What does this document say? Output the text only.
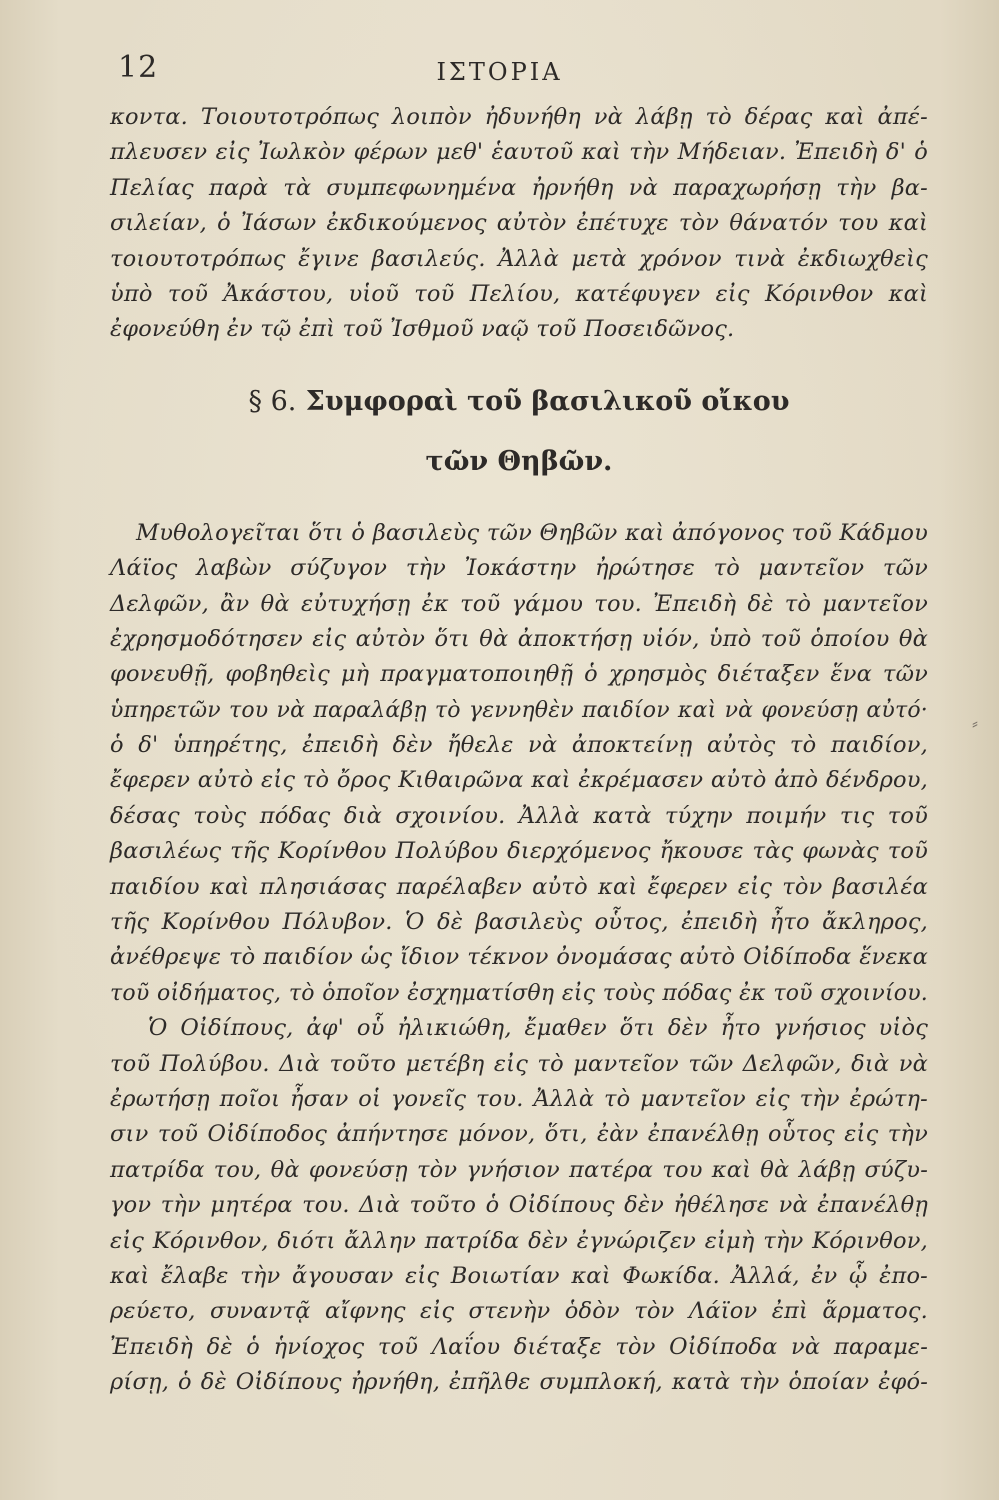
12	ΙΣΤΟΡΙΑ
κοντα. Τοιουτοτρόπως λοιπὸν ἠδυνήθη νὰ λάβῃ τὸ δέρας καὶ ἀπέ-
πλευσεν εἰς Ἰωλκὸν φέρων μεθ' ἑαυτοῦ καὶ τὴν Μήδειαν. Ἐπειδὴ δ' ὁ
Πελίας παρὰ τὰ συμπεφωνημένα ἠρνήθη νὰ παραχωρήσῃ τὴν βα-
σιλείαν, ὁ Ἰάσων ἐκδικούμενος αὐτὸν ἐπέτυχε τὸν θάνατόν του καὶ
τοιουτοτρόπως ἔγινε βασιλεύς. Ἀλλὰ μετὰ χρόνον τινὰ ἐκδιωχθεὶς
ὑπὸ τοῦ Ἀκάστου, υἱοῦ τοῦ Πελίου, κατέφυγεν εἰς Κόρινθον καὶ
ἐφονεύθη ἐν τῷ ἐπὶ τοῦ Ἰσθμοῦ ναῷ τοῦ Ποσειδῶνος.
§ 6. Συμφοραὶ τοῦ βασιλικοῦ οἴκου
τῶν Θηβῶν.
Μυθολογεῖται ὅτι ὁ βασιλεὺς τῶν Θηβῶν καὶ ἀπόγονος τοῦ Κάδμου
Λάϊος λαβὼν σύζυγον τὴν Ἰοκάστην ἠρώτησε τὸ μαντεῖον τῶν
Δελφῶν, ἂν θὰ εὐτυχήσῃ ἐκ τοῦ γάμου του. Ἐπειδὴ δὲ τὸ μαντεῖον
ἐχρησμοδότησεν εἰς αὐτὸν ὅτι θὰ ἀποκτήσῃ υἱόν, ὑπὸ τοῦ ὁποίου θὰ
φονευθῇ, φοβηθεὶς μὴ πραγματοποιηθῇ ὁ χρησμὸς διέταξεν ἕνα τῶν
ὑπηρετῶν του νὰ παραλάβῃ τὸ γεννηθὲν παιδίον καὶ νὰ φονεύσῃ αὐτό·
ὁ δ' ὑπηρέτης, ἐπειδὴ δὲν ἤθελε νὰ ἀποκτείνῃ αὐτὸς τὸ παιδίον,
ἔφερεν αὐτὸ εἰς τὸ ὄρος Κιθαιρῶνα καὶ ἐκρέμασεν αὐτὸ ἀπὸ δένδρου,
δέσας τοὺς πόδας διὰ σχοινίου. Ἀλλὰ κατὰ τύχην ποιμήν τις τοῦ
βασιλέως τῆς Κορίνθου Πολύβου διερχόμενος ἤκουσε τὰς φωνὰς τοῦ
παιδίου καὶ πλησιάσας παρέλαβεν αὐτὸ καὶ ἔφερεν εἰς τὸν βασιλέα
τῆς Κορίνθου Πόλυβον. Ὁ δὲ βασιλεὺς οὗτος, ἐπειδὴ ἦτο ἄκληρος,
ἀνέθρεψε τὸ παιδίον ὡς ἴδιον τέκνον ὀνομάσας αὐτὸ Οἰδίποδα ἕνεκα
τοῦ οἰδήματος, τὸ ὁποῖον ἐσχηματίσθη εἰς τοὺς πόδας ἐκ τοῦ σχοινίου.
Ὁ Οἰδίπους, ἀφ' οὗ ἠλικιώθη, ἔμαθεν ὅτι δὲν ἦτο γνήσιος υἱὸς
τοῦ Πολύβου. Διὰ τοῦτο μετέβη εἰς τὸ μαντεῖον τῶν Δελφῶν, διὰ νὰ
ἐρωτήσῃ ποῖοι ἦσαν οἱ γονεῖς του. Ἀλλὰ τὸ μαντεῖον εἰς τὴν ἐρώτη-
σιν τοῦ Οἰδίποδος ἀπήντησε μόνον, ὅτι, ἐὰν ἐπανέλθῃ οὗτος εἰς τὴν
πατρίδα του, θὰ φονεύσῃ τὸν γνήσιον πατέρα του καὶ θὰ λάβῃ σύζυ-
γον τὴν μητέρα του. Διὰ τοῦτο ὁ Οἰδίπους δὲν ἠθέλησε νὰ ἐπανέλθῃ
εἰς Κόρινθον, διότι ἄλλην πατρίδα δὲν ἐγνώριζεν εἰμὴ τὴν Κόρινθον,
καὶ ἔλαβε τὴν ἄγουσαν εἰς Βοιωτίαν καὶ Φωκίδα. Ἀλλά, ἐν ᾧ ἐπο-
ρεύετο, συναντᾷ αἴφνης εἰς στενὴν ὁδὸν τὸν Λάϊον ἐπὶ ἅρματος.
Ἐπειδὴ δὲ ὁ ἡνίοχος τοῦ Λαΐου διέταξε τὸν Οἰδίποδα νὰ παραμε-
ρίσῃ, ὁ δὲ Οἰδίπους ἠρνήθη, ἐπῆλθε συμπλοκή, κατὰ τὴν ὁποίαν ἐφό-
⸗
